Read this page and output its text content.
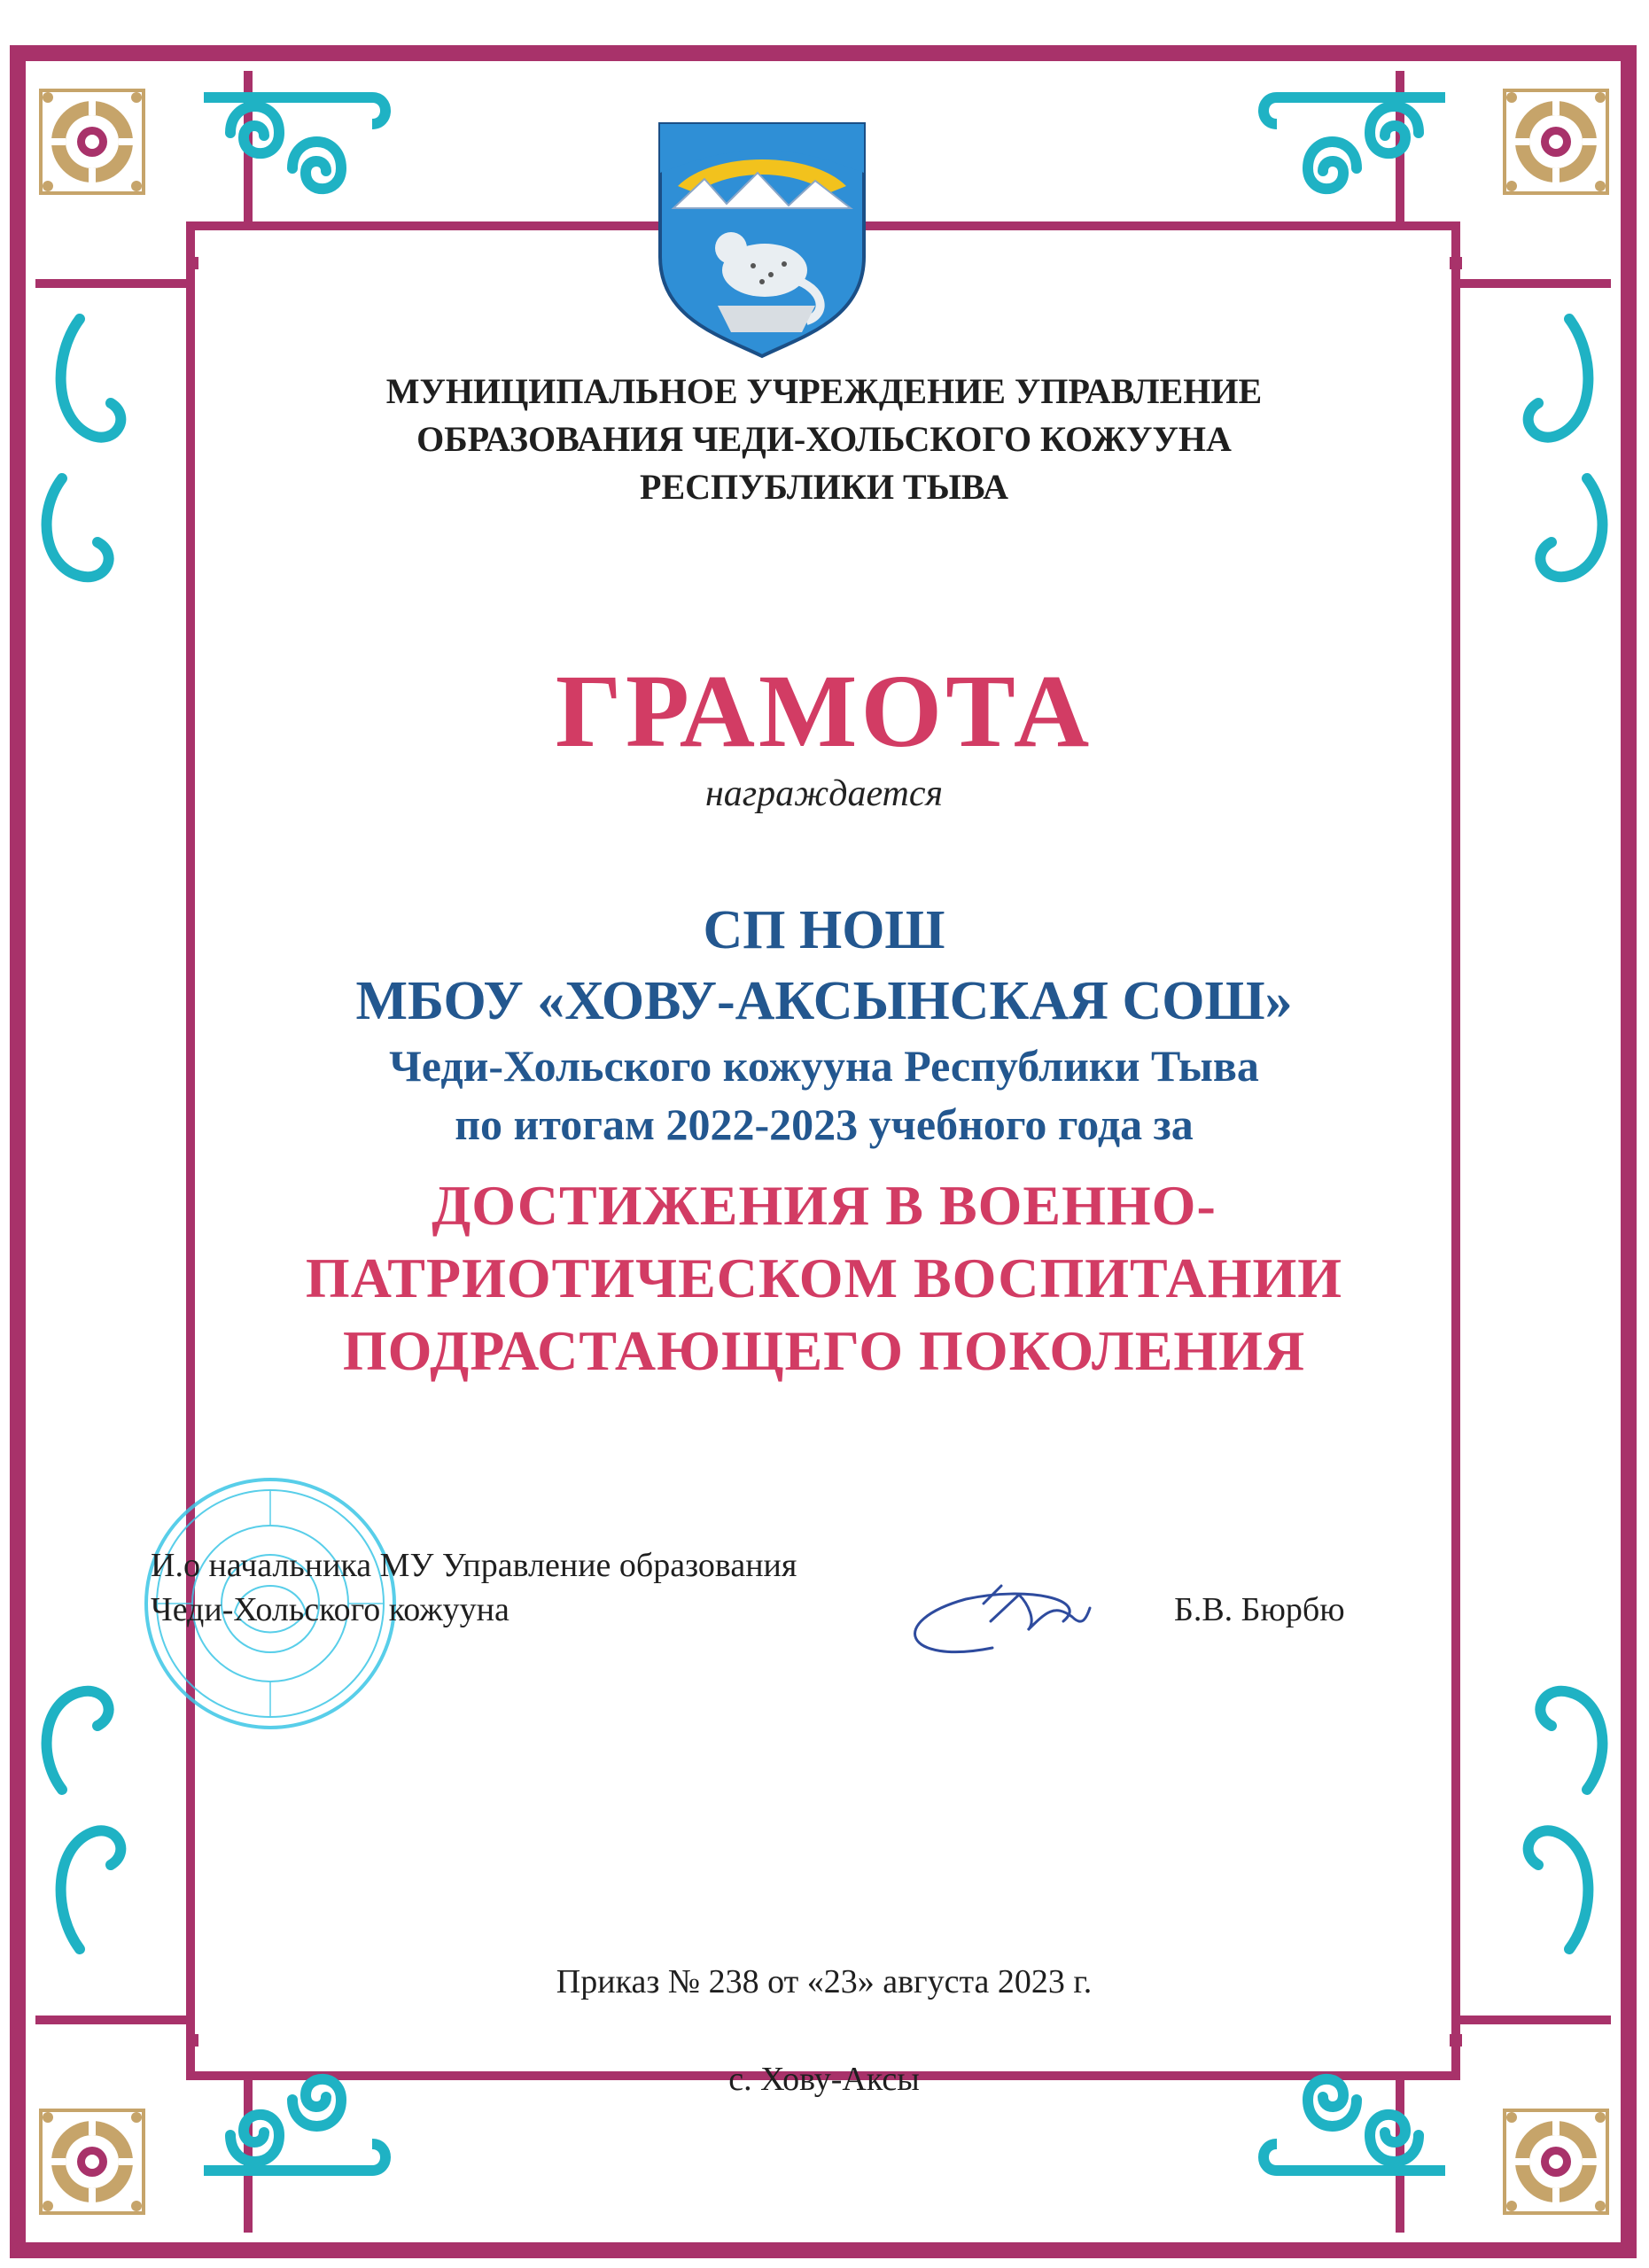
МУНИЦИПАЛЬНОЕ УЧРЕЖДЕНИЕ УПРАВЛЕНИЕ
ОБРАЗОВАНИЯ ЧЕДИ-ХОЛЬСКОГО КОЖУУНА
РЕСПУБЛИКИ ТЫВА
ГРАМОТА
награждается
СП НОШ
МБОУ «ХОВУ-АКСЫНСКАЯ СОШ»
Чеди-Хольского кожууна Республики Тыва
по итогам 2022-2023 учебного года за
ДОСТИЖЕНИЯ В ВОЕННО-
ПАТРИОТИЧЕСКОМ ВОСПИТАНИИ
ПОДРАСТАЮЩЕГО ПОКОЛЕНИЯ
И.о начальника МУ Управление образования
Чеди-Хольского кожууна	Б.В. Бюрбю
Приказ № 238 от «23» августа 2023 г.
с. Хову-Аксы
